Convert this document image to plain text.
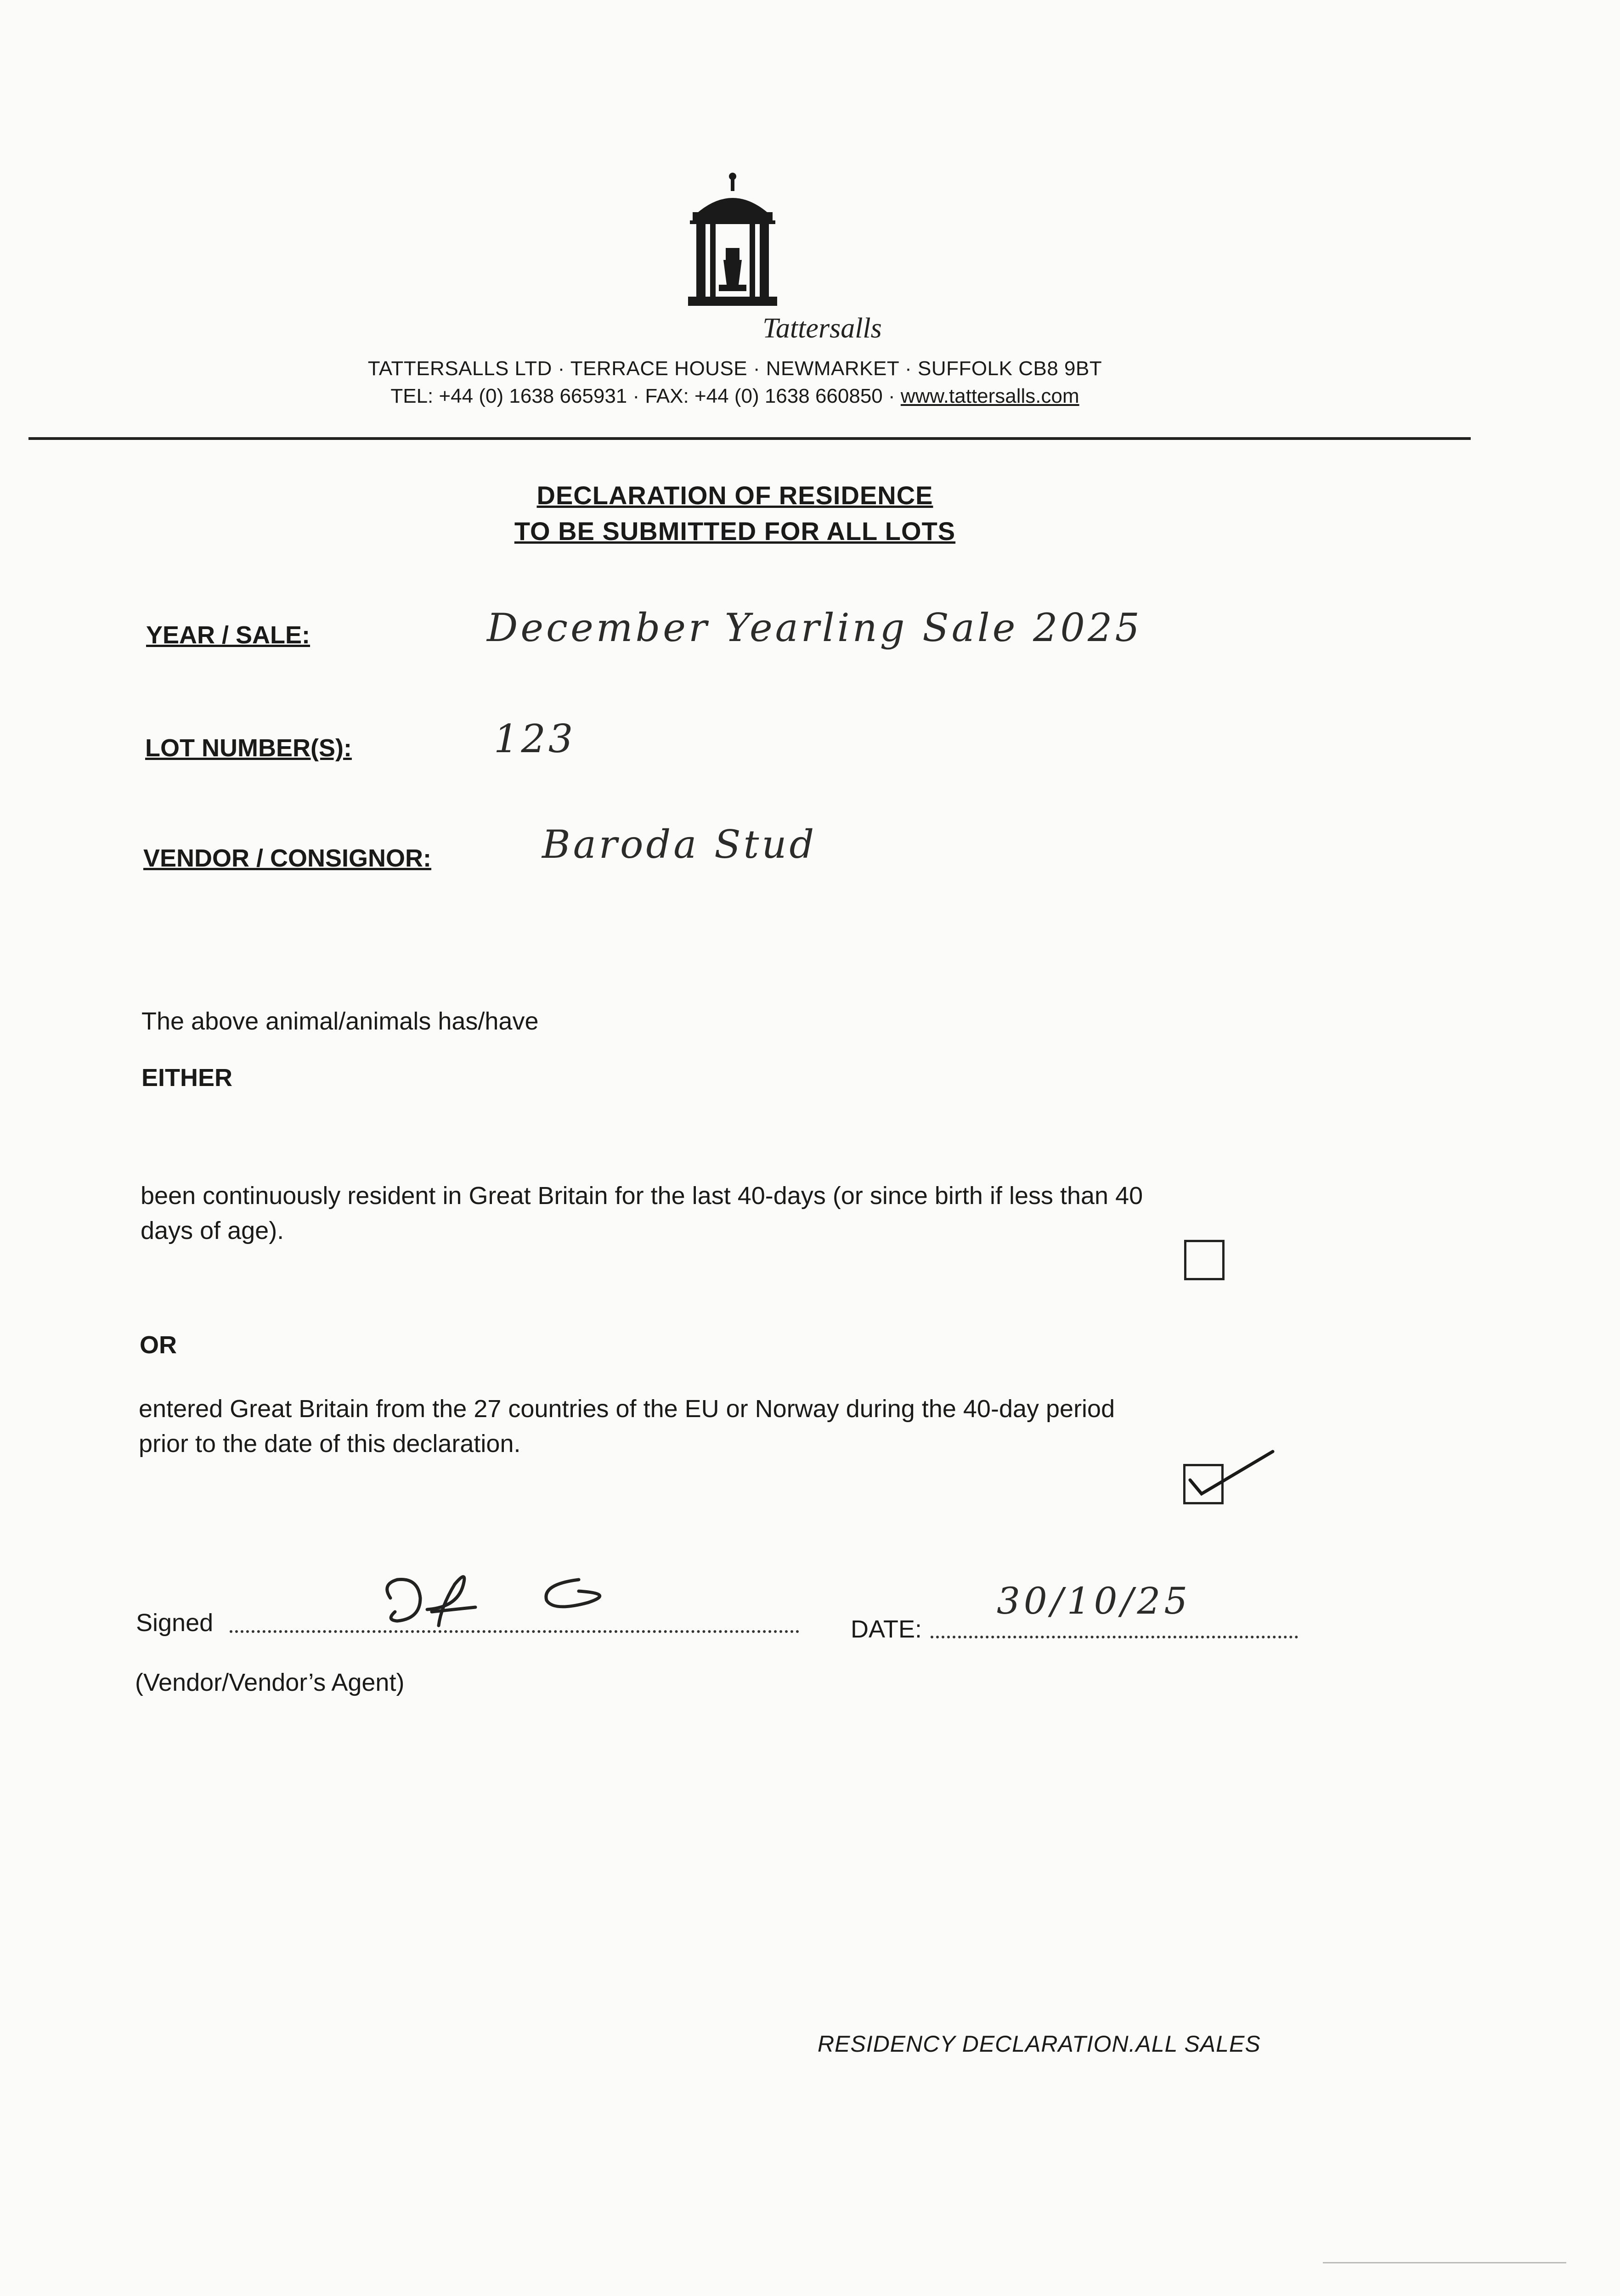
Tattersalls
TATTERSALLS LTD · TERRACE HOUSE · NEWMARKET · SUFFOLK CB8 9BT
TEL: +44 (0) 1638 665931 · FAX: +44 (0) 1638 660850 · www.tattersalls.com
DECLARATION OF RESIDENCE
TO BE SUBMITTED FOR ALL LOTS
YEAR / SALE:	December Yearling Sale 2025
LOT NUMBER(S):	123
VENDOR / CONSIGNOR:	Baroda Stud
The above animal/animals has/have
EITHER
been continuously resident in Great Britain for the last 40-days (or since birth if less than 40
days of age).
OR
entered Great Britain from the 27 countries of the EU or Norway during the 40-day period
prior to the date of this declaration.
Signed	DATE:
30/10/25
(Vendor/Vendor’s Agent)
RESIDENCY DECLARATION.ALL SALES
